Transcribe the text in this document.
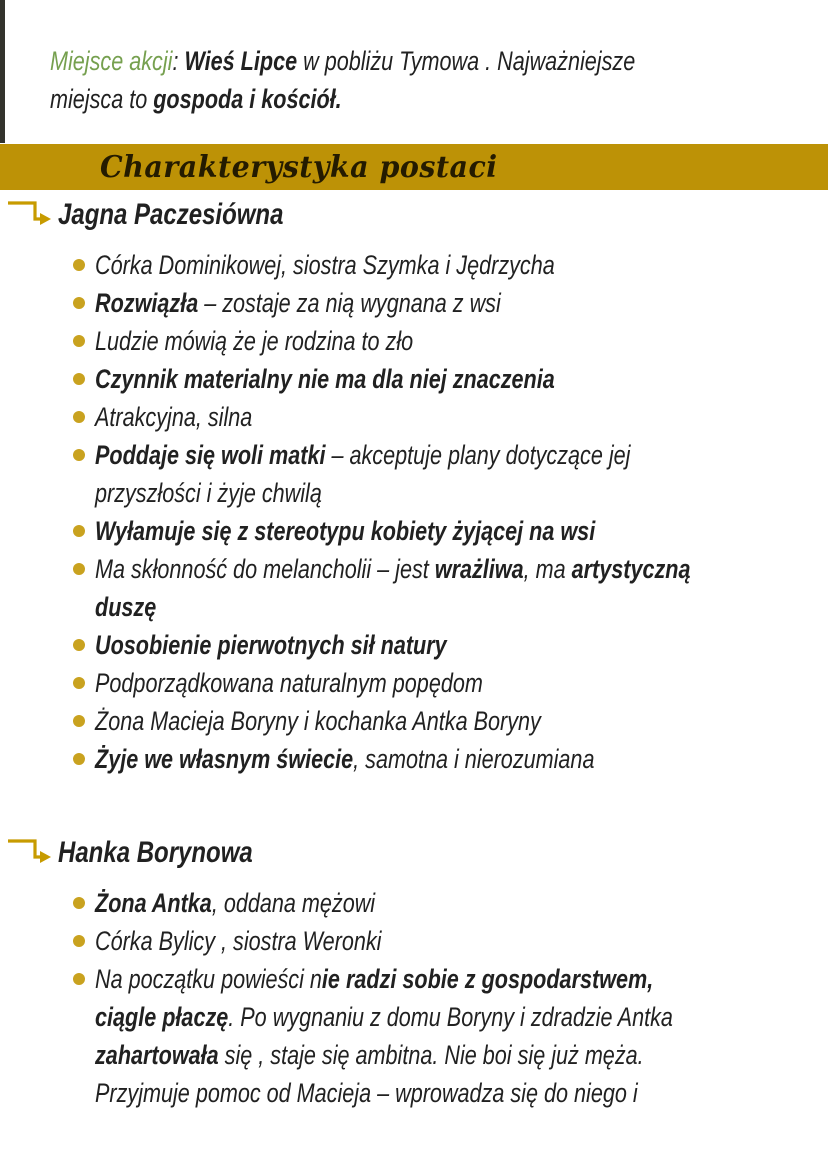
Miejsce akcji: Wieś Lipce w pobliżu Tymowa . Najważniejsze
miejsca to gospoda i kościół.
Charakterystyka postaci
Jagna Paczesiówna
Córka Dominikowej, siostra Szymka i Jędrzycha
Rozwiązła – zostaje za nią wygnana z wsi
Ludzie mówią że je rodzina to zło
Czynnik materialny nie ma dla niej znaczenia
Atrakcyjna, silna
Poddaje się woli matki – akceptuje plany dotyczące jej
przyszłości i żyje chwilą
Wyłamuje się z stereotypu kobiety żyjącej na wsi
Ma skłonność do melancholii – jest wrażliwa, ma artystyczną
duszę
Uosobienie pierwotnych sił natury
Podporządkowana naturalnym popędom
Żona Macieja Boryny i kochanka Antka Boryny
Żyje we własnym świecie, samotna i nierozumiana
Hanka Borynowa
Żona Antka, oddana mężowi
Córka Bylicy , siostra Weronki
Na początku powieści nie radzi sobie z gospodarstwem,
ciągle płaczę. Po wygnaniu z domu Boryny i zdradzie Antka
zahartowała się , staje się ambitna. Nie boi się już męża.
Przyjmuje pomoc od Macieja – wprowadza się do niego i
